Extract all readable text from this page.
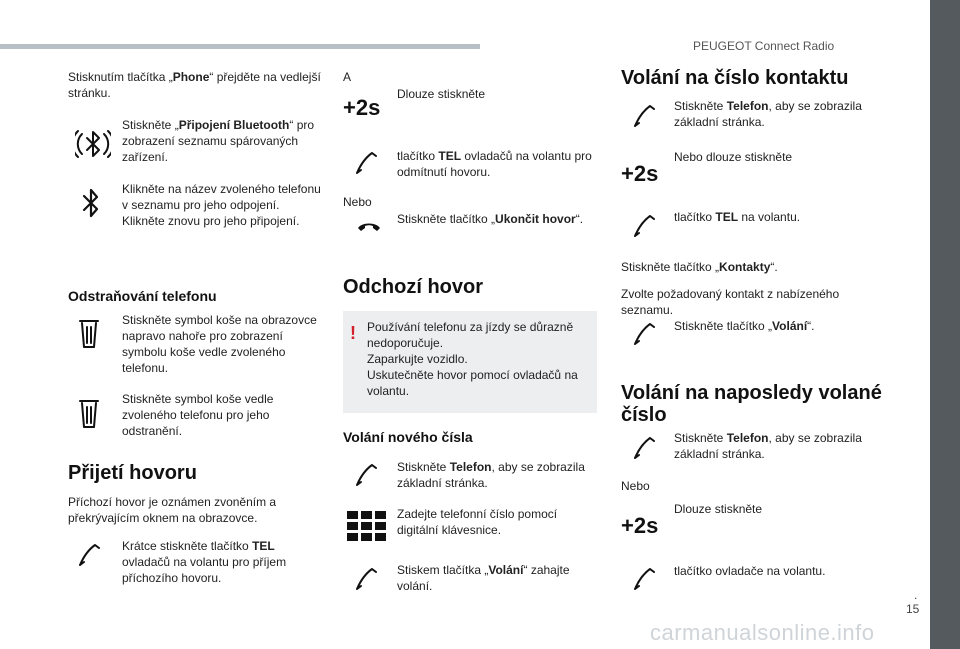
PEUGEOT Connect Radio
.
15
carmanualsonline.info
Stisknutím tlačítka „Phone“ přejděte na vedlejší stránku.
Stiskněte „Připojení Bluetooth“ pro zobrazení seznamu spárovaných zařízení.
Klikněte na název zvoleného telefonu v seznamu pro jeho odpojení.
Klikněte znovu pro jeho připojení.
Odstraňování telefonu
Stiskněte symbol koše na obrazovce napravo nahoře pro zobrazení symbolu koše vedle zvoleného telefonu.
Stiskněte symbol koše vedle zvoleného telefonu pro jeho odstranění.
Přijetí hovoru
Příchozí hovor je oznámen zvoněním a překrývajícím oknem na obrazovce.
Krátce stiskněte tlačítko TEL ovladačů na volantu pro příjem příchozího hovoru.
A
+2s
Dlouze stiskněte
tlačítko TEL ovladačů na volantu pro odmítnutí hovoru.
Nebo
Stiskněte tlačítko „Ukončit hovor“.
Odchozí hovor
! Používání telefonu za jízdy se důrazně nedoporučuje.
Zaparkujte vozidlo.
Uskutečněte hovor pomocí ovladačů na volantu.
Volání nového čísla
Stiskněte Telefon, aby se zobrazila základní stránka.
Zadejte telefonní číslo pomocí digitální klávesnice.
Stiskem tlačítka „Volání“ zahajte volání.
Volání na číslo kontaktu
Stiskněte Telefon, aby se zobrazila základní stránka.
+2s
Nebo dlouze stiskněte
tlačítko TEL na volantu.
Stiskněte tlačítko „Kontakty“.
Zvolte požadovaný kontakt z nabízeného seznamu.
Stiskněte tlačítko „Volání“.
Volání na naposledy volané
číslo
Stiskněte Telefon, aby se zobrazila základní stránka.
Nebo
+2s
Dlouze stiskněte
tlačítko ovladače na volantu.
